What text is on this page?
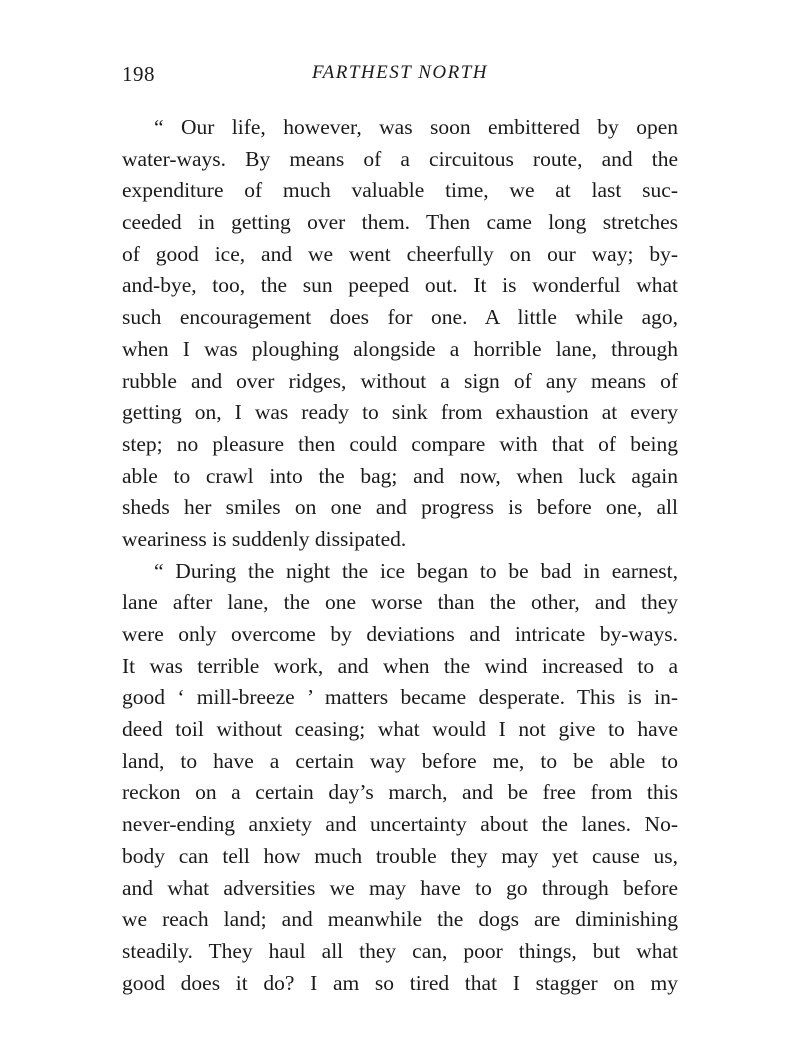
198	FARTHEST NORTH
“ Our life, however, was soon embittered by open
water-ways. By means of a circuitous route, and the
expenditure of much valuable time, we at last suc-
ceeded in getting over them. Then came long stretches
of good ice, and we went cheerfully on our way; by-
and-bye, too, the sun peeped out. It is wonderful what
such encouragement does for one. A little while ago,
when I was ploughing alongside a horrible lane, through
rubble and over ridges, without a sign of any means of
getting on, I was ready to sink from exhaustion at every
step; no pleasure then could compare with that of being
able to crawl into the bag; and now, when luck again
sheds her smiles on one and progress is before one, all
weariness is suddenly dissipated.
“ During the night the ice began to be bad in earnest,
lane after lane, the one worse than the other, and they
were only overcome by deviations and intricate by-ways.
It was terrible work, and when the wind increased to a
good ‘ mill-breeze ’ matters became desperate. This is in-
deed toil without ceasing; what would I not give to have
land, to have a certain way before me, to be able to
reckon on a certain day’s march, and be free from this
never-ending anxiety and uncertainty about the lanes. No-
body can tell how much trouble they may yet cause us,
and what adversities we may have to go through before
we reach land; and meanwhile the dogs are diminishing
steadily. They haul all they can, poor things, but what
good does it do? I am so tired that I stagger on my
